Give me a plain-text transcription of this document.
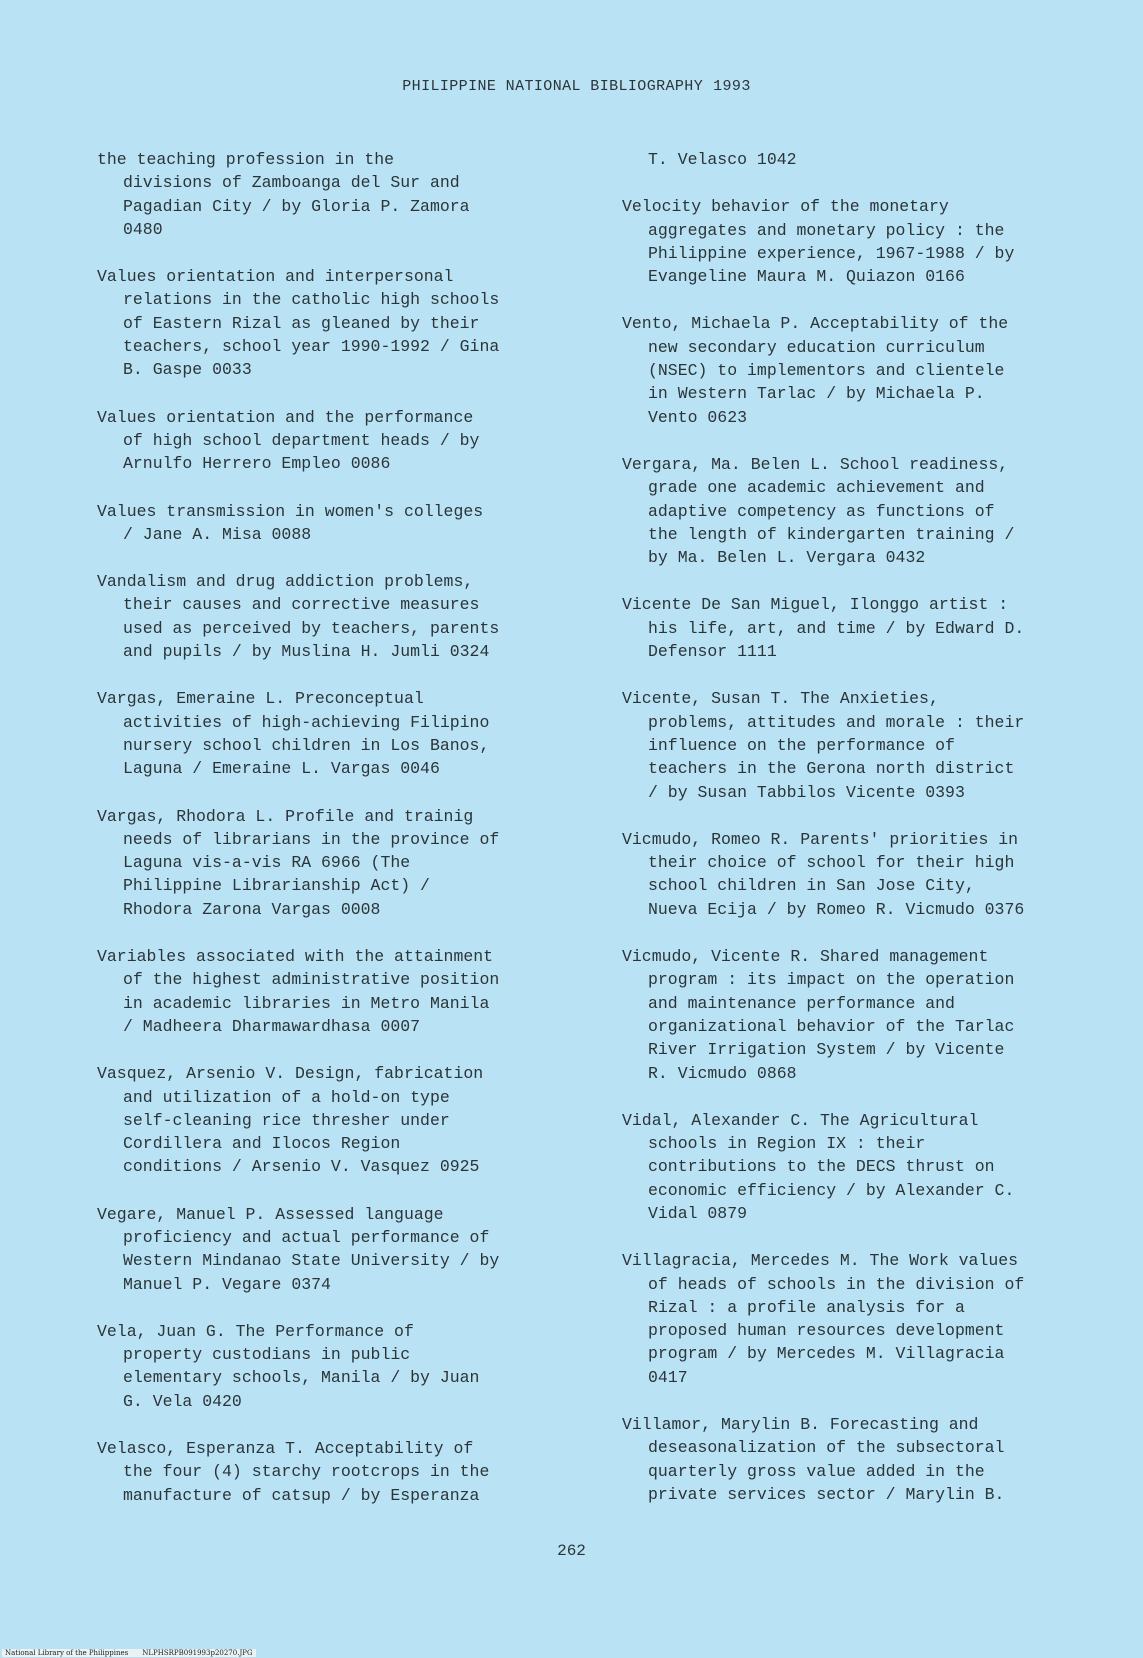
PHILIPPINE NATIONAL BIBLIOGRAPHY 1993

the teaching profession in the
divisions of Zamboanga del Sur and
Pagadian City / by Gloria P. Zamora
0480

Values orientation and interpersonal
relations in the catholic high schools
of Eastern Rizal as gleaned by their
teachers, school year 1990-1992 / Gina
B. Gaspe 0033

Values orientation and the performance
of high school department heads / by
Arnulfo Herrero Empleo 0086

Values transmission in women's colleges
/ Jane A. Misa 0088

Vandalism and drug addiction problems,
their causes and corrective measures
used as perceived by teachers, parents
and pupils / by Muslina H. Jumli 0324

Vargas, Emeraine L. Preconceptual
activities of high-achieving Filipino
nursery school children in Los Banos,
Laguna / Emeraine L. Vargas 0046

Vargas, Rhodora L. Profile and trainig
needs of librarians in the province of
Laguna vis-a-vis RA 6966 (The
Philippine Librarianship Act) /
Rhodora Zarona Vargas 0008

Variables associated with the attainment
of the highest administrative position
in academic libraries in Metro Manila
/ Madheera Dharmawardhasa 0007

Vasquez, Arsenio V. Design, fabrication
and utilization of a hold-on type
self-cleaning rice thresher under
Cordillera and Ilocos Region
conditions / Arsenio V. Vasquez 0925

Vegare, Manuel P. Assessed language
proficiency and actual performance of
Western Mindanao State University / by
Manuel P. Vegare 0374

Vela, Juan G. The Performance of
property custodians in public
elementary schools, Manila / by Juan
G. Vela 0420

Velasco, Esperanza T. Acceptability of
the four (4) starchy rootcrops in the
manufacture of catsup / by Esperanza

T. Velasco 1042

Velocity behavior of the monetary
aggregates and monetary policy : the
Philippine experience, 1967-1988 / by
Evangeline Maura M. Quiazon 0166

Vento, Michaela P. Acceptability of the
new secondary education curriculum
(NSEC) to implementors and clientele
in Western Tarlac / by Michaela P.
Vento 0623

Vergara, Ma. Belen L. School readiness,
grade one academic achievement and
adaptive competency as functions of
the length of kindergarten training /
by Ma. Belen L. Vergara 0432

Vicente De San Miguel, Ilonggo artist :
his life, art, and time / by Edward D.
Defensor 1111

Vicente, Susan T. The Anxieties,
problems, attitudes and morale : their
influence on the performance of
teachers in the Gerona north district
/ by Susan Tabbilos Vicente 0393

Vicmudo, Romeo R. Parents' priorities in
their choice of school for their high
school children in San Jose City,
Nueva Ecija / by Romeo R. Vicmudo 0376

Vicmudo, Vicente R. Shared management
program : its impact on the operation
and maintenance performance and
organizational behavior of the Tarlac
River Irrigation System / by Vicente
R. Vicmudo 0868

Vidal, Alexander C. The Agricultural
schools in Region IX : their
contributions to the DECS thrust on
economic efficiency / by Alexander C.
Vidal 0879

Villagracia, Mercedes M. The Work values
of heads of schools in the division of
Rizal : a profile analysis for a
proposed human resources development
program / by Mercedes M. Villagracia
0417

Villamor, Marylin B. Forecasting and
deseasonalization of the subsectoral
quarterly gross value added in the
private services sector / Marylin B.

262
National Library of the Philippines NLPHSRPB091993p20270.JPG
